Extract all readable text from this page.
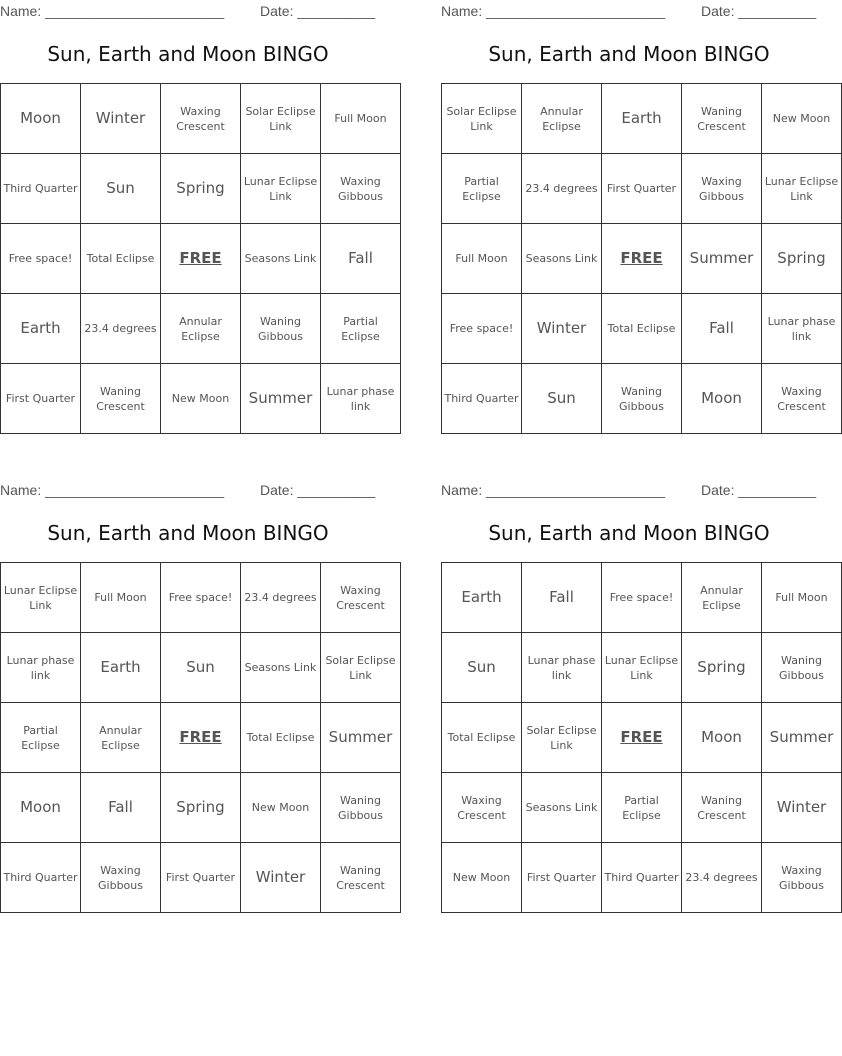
Name: _______________________	Date: __________
Sun, Earth and Moon BINGO
Moon	Winter	Waxing Crescent	Solar Eclipse Link	Full Moon
Third Quarter	Sun	Spring	Lunar Eclipse Link	Waxing Gibbous
Free space!	Total Eclipse	FREE	Seasons Link	Fall
Earth	23.4 degrees	Annular Eclipse	Waning Gibbous	Partial Eclipse
First Quarter	Waning Crescent	New Moon	Summer	Lunar phase link
Name: _______________________	Date: __________
Sun, Earth and Moon BINGO
Solar Eclipse Link	Annular Eclipse	Earth	Waning Crescent	New Moon
Partial Eclipse	23.4 degrees	First Quarter	Waxing Gibbous	Lunar Eclipse Link
Full Moon	Seasons Link	FREE	Summer	Spring
Free space!	Winter	Total Eclipse	Fall	Lunar phase link
Third Quarter	Sun	Waning Gibbous	Moon	Waxing Crescent
Name: _______________________	Date: __________
Sun, Earth and Moon BINGO
Lunar Eclipse Link	Full Moon	Free space!	23.4 degrees	Waxing Crescent
Lunar phase link	Earth	Sun	Seasons Link	Solar Eclipse Link
Partial Eclipse	Annular Eclipse	FREE	Total Eclipse	Summer
Moon	Fall	Spring	New Moon	Waning Gibbous
Third Quarter	Waxing Gibbous	First Quarter	Winter	Waning Crescent
Name: _______________________	Date: __________
Sun, Earth and Moon BINGO
Earth	Fall	Free space!	Annular Eclipse	Full Moon
Sun	Lunar phase link	Lunar Eclipse Link	Spring	Waning Gibbous
Total Eclipse	Solar Eclipse Link	FREE	Moon	Summer
Waxing Crescent	Seasons Link	Partial Eclipse	Waning Crescent	Winter
New Moon	First Quarter	Third Quarter	23.4 degrees	Waxing Gibbous
